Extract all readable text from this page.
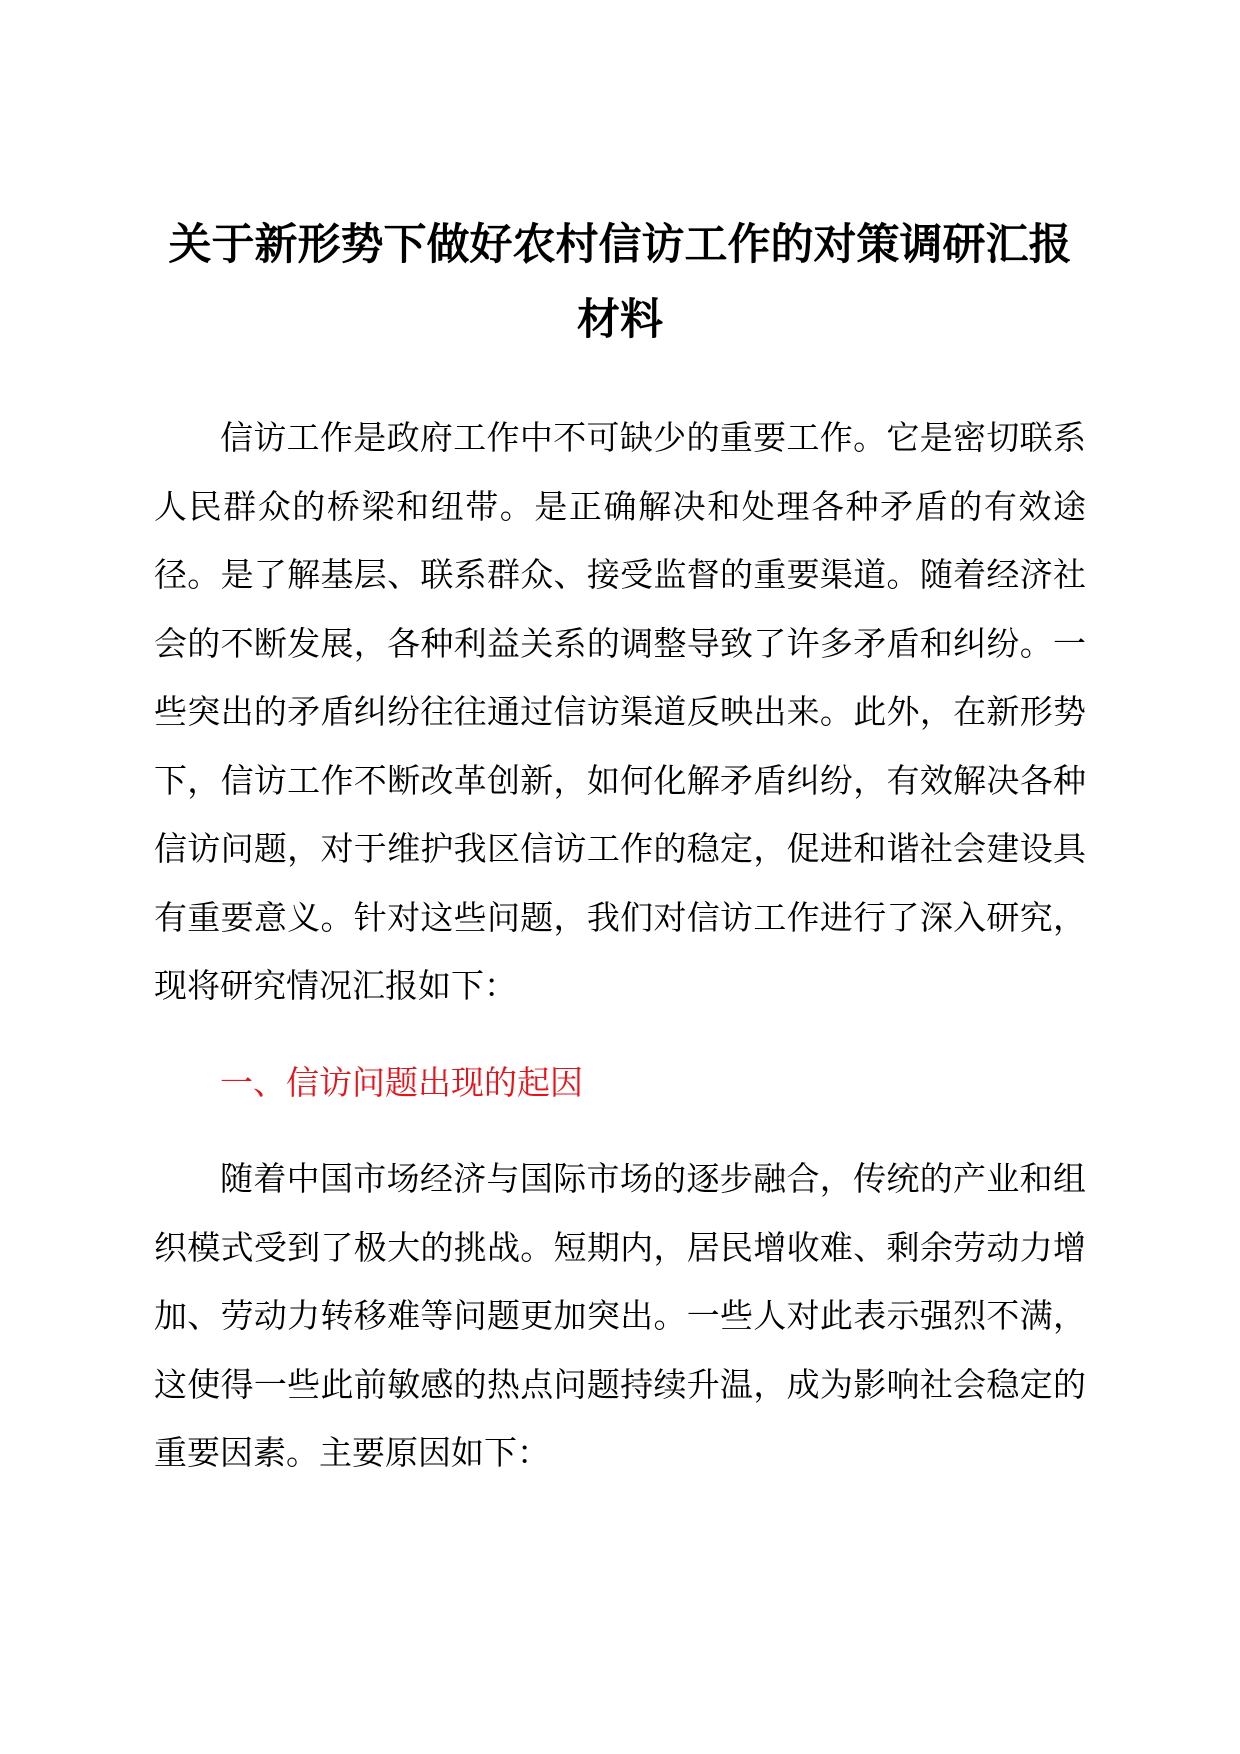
关于新形势下做好农村信访工作的对策调研汇报材料

信访工作是政府工作中不可缺少的重要工作。它是密切联系人民群众的桥梁和纽带。是正确解决和处理各种矛盾的有效途径。是了解基层、联系群众、接受监督的重要渠道。随着经济社会的不断发展，各种利益关系的调整导致了许多矛盾和纠纷。一些突出的矛盾纠纷往往通过信访渠道反映出来。此外，在新形势下，信访工作不断改革创新，如何化解矛盾纠纷，有效解决各种信访问题，对于维护我区信访工作的稳定，促进和谐社会建设具有重要意义。针对这些问题，我们对信访工作进行了深入研究，现将研究情况汇报如下：

一、信访问题出现的起因

随着中国市场经济与国际市场的逐步融合，传统的产业和组织模式受到了极大的挑战。短期内，居民增收难、剩余劳动力增加、劳动力转移难等问题更加突出。一些人对此表示强烈不满，这使得一些此前敏感的热点问题持续升温，成为影响社会稳定的重要因素。主要原因如下：
